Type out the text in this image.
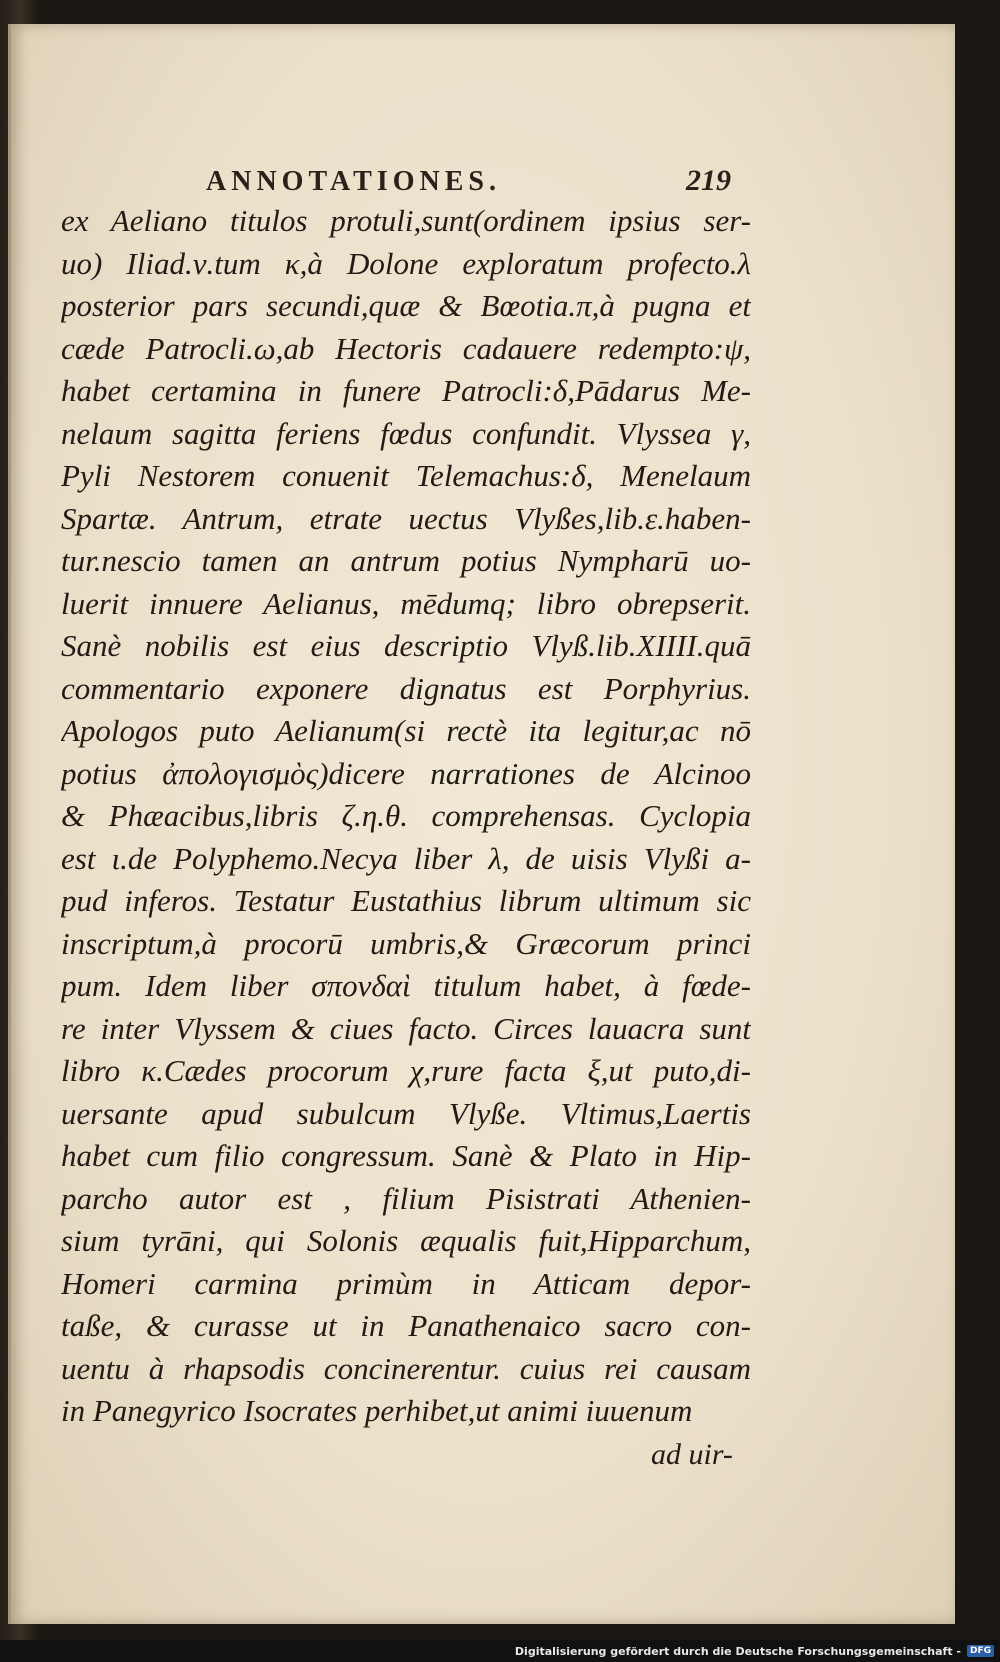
ANNOTATIONES.	219
ex Aeliano titulos protuli,sunt(ordinem ipsius ser-
uo) Iliad.ν.tum κ,à Dolone exploratum profecto.λ
posterior pars secundi,quæ & Bœotia.π,à pugna et
cæde Patrocli.ω,ab Hectoris cadauere redempto:ψ,
habet certamina in funere Patrocli:δ,Pādarus Me-
nelaum sagitta feriens fœdus confundit. Vlyssea γ,
Pyli Nestorem conuenit Telemachus:δ, Menelaum
Spartæ. Antrum, etrate uectus Vlyßes,lib.ε.haben-
tur.nescio tamen an antrum potius Nympharū uo-
luerit innuere Aelianus, mēdumq; libro obrepserit.
Sanè nobilis est eius descriptio Vlyß.lib.XIIII.quā
commentario exponere dignatus est Porphyrius.
Apologos puto Aelianum(si rectè ita legitur,ac nō
potius ἀπολογισμὸς)dicere narrationes de Alcinoo
& Phæacibus,libris ζ.η.θ. comprehensas. Cyclopia
est ι.de Polyphemo.Necya liber λ, de uisis Vlyßi a-
pud inferos. Testatur Eustathius librum ultimum sic
inscriptum,à procorū umbris,& Græcorum princi
pum. Idem liber σπονδαὶ titulum habet, à fœde-
re inter Vlyssem & ciues facto. Circes lauacra sunt
libro κ.Cædes procorum χ,rure facta ξ,ut puto,di-
uersante apud subulcum Vlyße. Vltimus,Laertis
habet cum filio congressum. Sanè & Plato in Hip-
parcho autor est , filium Pisistrati Athenien-
sium tyrāni, qui Solonis æqualis fuit,Hipparchum,
Homeri carmina primùm in Atticam depor-
taße, & curasse ut in Panathenaico sacro con-
uentu à rhapsodis concinerentur. cuius rei causam
in Panegyrico Isocrates perhibet,ut animi iuuenum
ad uir-
Digitalisierung gefördert durch die Deutsche Forschungsgemeinschaft -	DFG
